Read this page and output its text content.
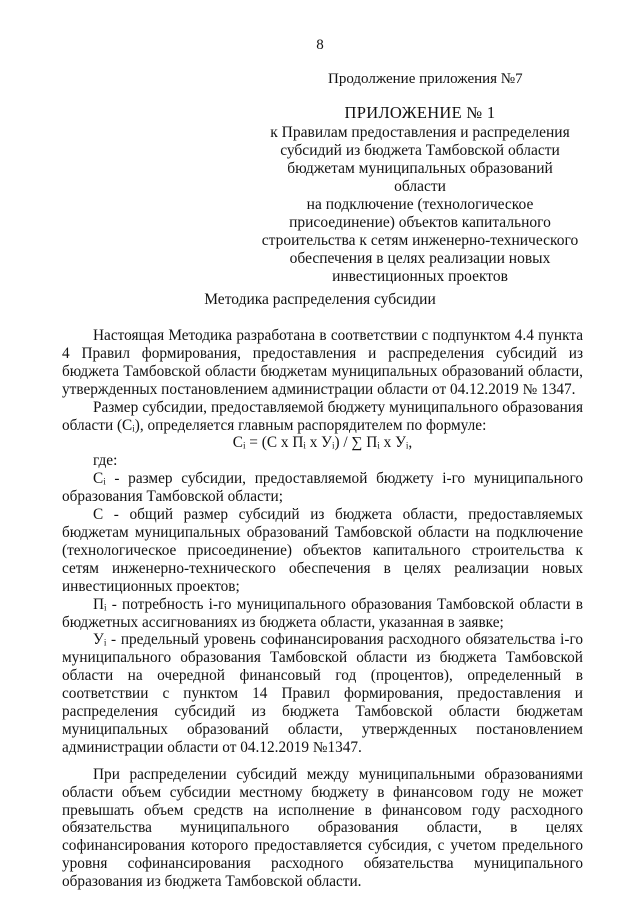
8
Продолжение приложения №7
ПРИЛОЖЕНИЕ № 1
к Правилам предоставления и распределения
субсидий из бюджета Тамбовской области
бюджетам муниципальных образований области
на подключение (технологическое
присоединение) объектов капитального
строительства к сетям инженерно-технического
обеспечения в целях реализации новых
инвестиционных проектов
Методика распределения субсидии

Настоящая Методика разработана в соответствии с подпунктом 4.4 пункта 4 Правил формирования, предоставления и распределения субсидий из бюджета Тамбовской области бюджетам муниципальных образований области, утвержденных постановлением администрации области от 04.12.2019 № 1347.

Размер субсидии, предоставляемой бюджету муниципального образования области (Сᵢ), определяется главным распорядителем по формуле:

Сᵢ = (С х Пᵢ х Уᵢ) / ∑ Пᵢ х Уᵢ,

где:

Сᵢ - размер субсидии, предоставляемой бюджету i-го муниципального образования Тамбовской области;

С - общий размер субсидий из бюджета области, предоставляемых бюджетам муниципальных образований Тамбовской области на подключение (технологическое присоединение) объектов капитального строительства к сетям инженерно-технического обеспечения в целях реализации новых инвестиционных проектов;

Пᵢ - потребность i-го муниципального образования Тамбовской области в бюджетных ассигнованиях из бюджета области, указанная в заявке;

Уᵢ - предельный уровень софинансирования расходного обязательства i-го муниципального образования Тамбовской области из бюджета Тамбовской области на очередной финансовый год (процентов), определенный в соответствии с пунктом 14 Правил формирования, предоставления и распределения субсидий из бюджета Тамбовской области бюджетам муниципальных образований области, утвержденных постановлением администрации области от 04.12.2019 №1347.

При распределении субсидий между муниципальными образованиями области объем субсидии местному бюджету в финансовом году не может превышать объем средств на исполнение в финансовом году расходного обязательства муниципального образования области, в целях софинансирования которого предоставляется субсидия, с учетом предельного уровня софинансирования расходного обязательства муниципального образования из бюджета Тамбовской области.
